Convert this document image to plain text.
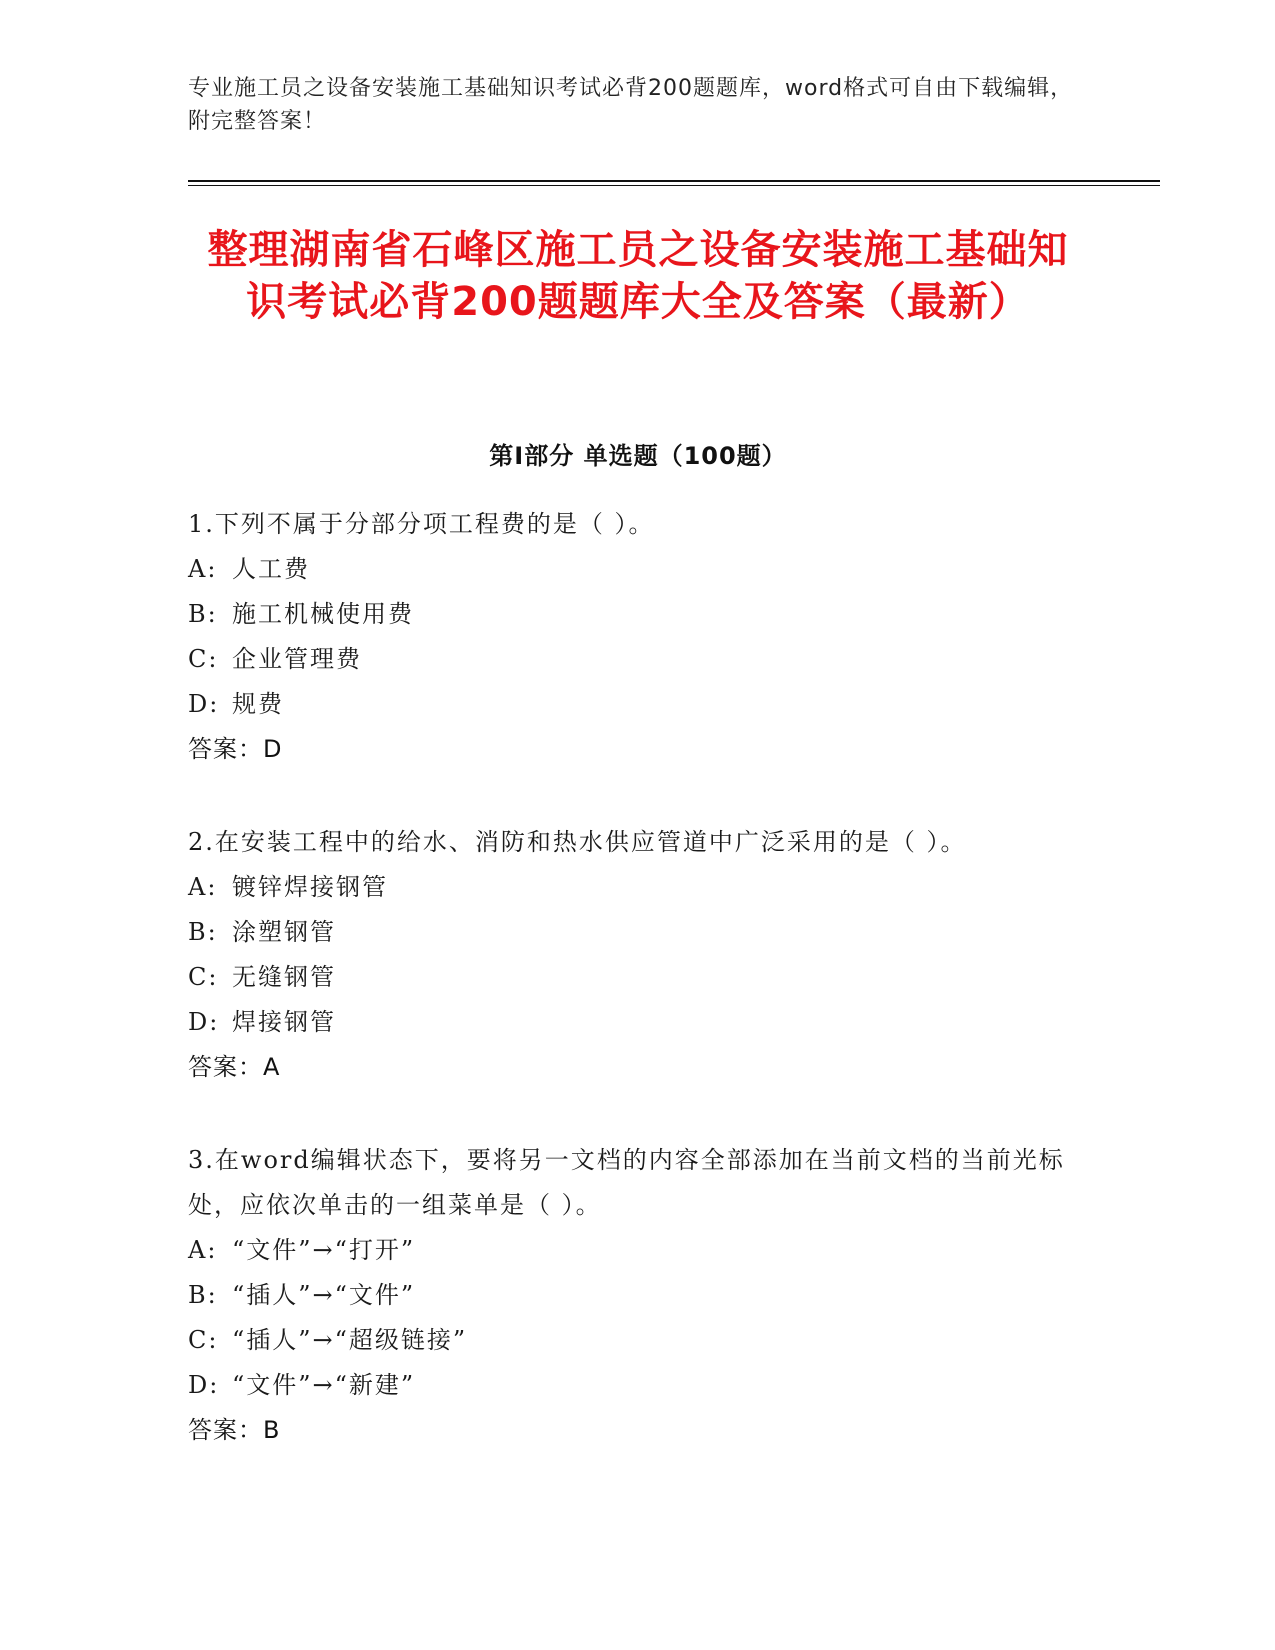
专业施工员之设备安装施工基础知识考试必背200题题库，word格式可自由下载编辑，附完整答案！
整理湖南省石峰区施工员之设备安装施工基础知识考试必背200题题库大全及答案（最新）
第I部分 单选题（100题）
1.下列不属于分部分项工程费的是（ ）。
A: 人工费
B: 施工机械使用费
C: 企业管理费
D: 规费
答案：D
2.在安装工程中的给水、消防和热水供应管道中广泛采用的是（ ）。
A: 镀锌焊接钢管
B: 涂塑钢管
C: 无缝钢管
D: 焊接钢管
答案：A
3.在word编辑状态下，要将另一文档的内容全部添加在当前文档的当前光标处，应依次单击的一组菜单是（ ）。
A: “文件”→“打开”
B: “插人”→“文件”
C: “插人”→“超级链接”
D: “文件”→“新建”
答案：B
